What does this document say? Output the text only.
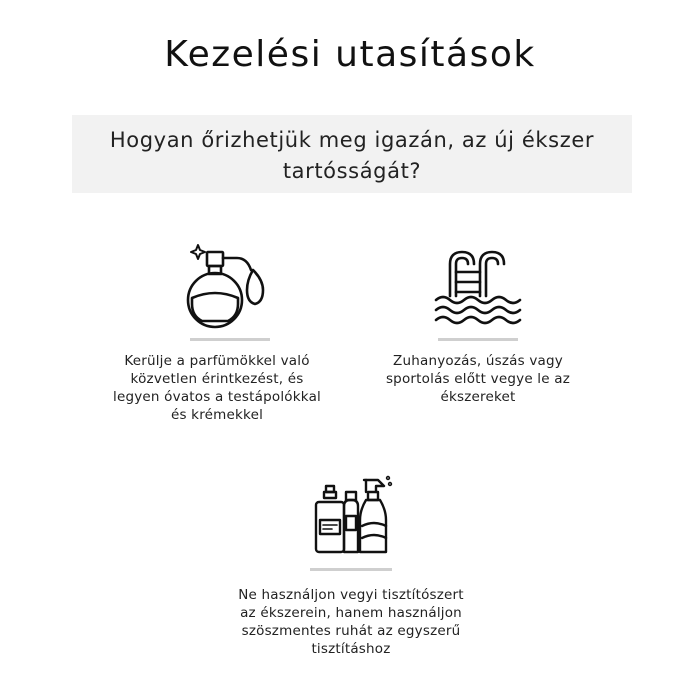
Kezelési utasítások
Hogyan őrizhetjük meg igazán, az új ékszer tartósságát?
Kerülje a parfümökkel való közvetlen érintkezést, és legyen óvatos a testápolókkal és krémekkel
Zuhanyozás, úszás vagy sportolás előtt vegye le az ékszereket
Ne használjon vegyi tisztítószert az ékszerein, hanem használjon szöszmentes ruhát az egyszerű tisztításhoz
